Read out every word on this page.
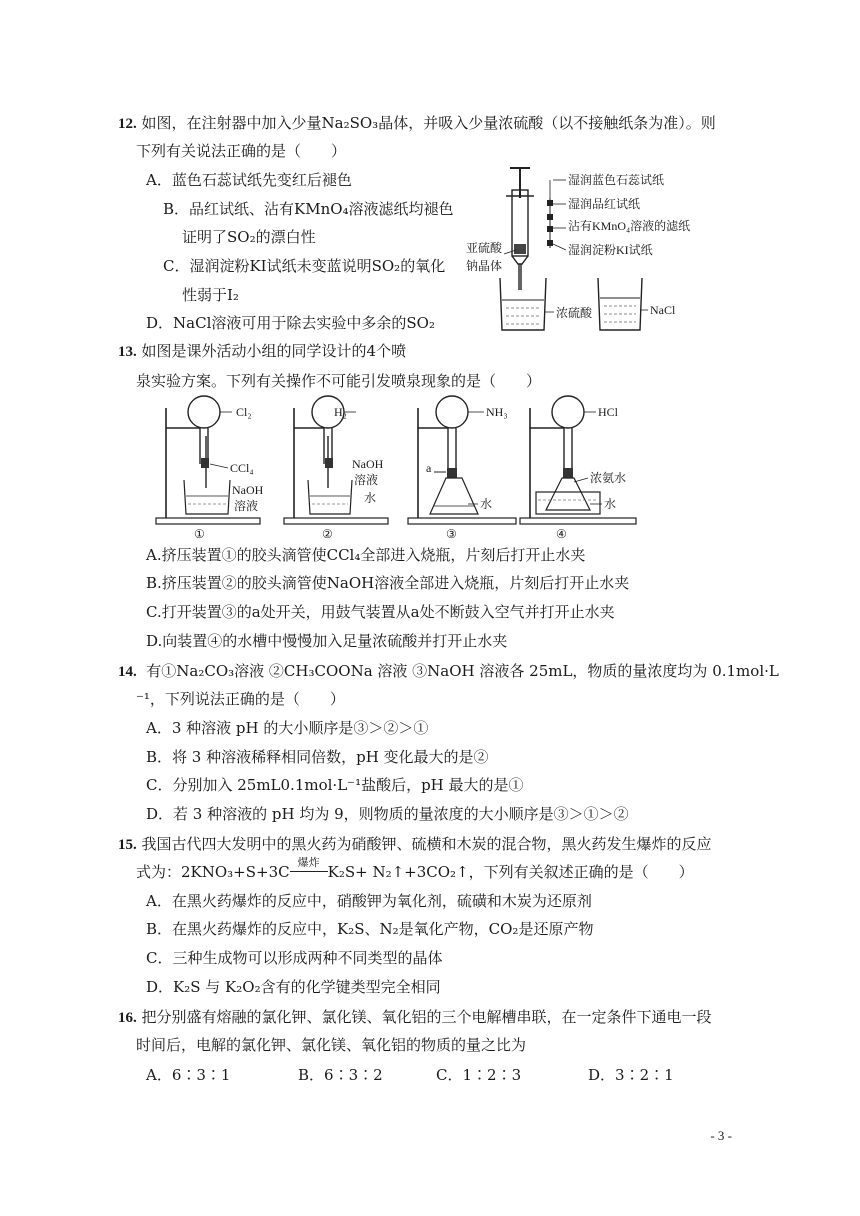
12. 如图，在注射器中加入少量Na₂SO₃晶体，并吸入少量浓硫酸（以不接触纸条为准）。则
下列有关说法正确的是（　　）
A．蓝色石蕊试纸先变红后褪色
B．品红试纸、沾有KMnO₄溶液滤纸均褪色
证明了SO₂的漂白性
C．湿润淀粉KI试纸未变蓝说明SO₂的氧化
性弱于I₂
D．NaCl溶液可用于除去实验中多余的SO₂
湿润蓝色石蕊试纸
湿润品红试纸
沾有KMnO₄溶液的滤纸
湿润淀粉KI试纸
亚硫酸
钠晶体
浓硫酸	NaCl
13. 如图是课外活动小组的同学设计的4个喷
泉实验方案。下列有关操作不可能引发喷泉现象的是（　　）
Cl₂
CCl₄
NaOH
溶液
①
H₂
NaOH
溶液
水
②
NH₃
a
水
③
HCl
浓氨水
水
④
A.挤压装置①的胶头滴管使CCl₄全部进入烧瓶，片刻后打开止水夹
B.挤压装置②的胶头滴管使NaOH溶液全部进入烧瓶，片刻后打开止水夹
C.打开装置③的a处开关，用鼓气装置从a处不断鼓入空气并打开止水夹
D.向装置④的水槽中慢慢加入足量浓硫酸并打开止水夹
14. 有①Na₂CO₃溶液 ②CH₃COONa 溶液 ③NaOH 溶液各 25mL，物质的量浓度均为 0.1mol·L
⁻¹，下列说法正确的是（　　）
A．3 种溶液 pH 的大小顺序是③＞②＞①
B．将 3 种溶液稀释相同倍数，pH 变化最大的是②
C．分别加入 25mL0.1mol·L⁻¹盐酸后，pH 最大的是①
D．若 3 种溶液的 pH 均为 9，则物质的量浓度的大小顺序是③＞①＞②
15. 我国古代四大发明中的黑火药为硝酸钾、硫横和木炭的混合物，黑火药发生爆炸的反应
式为：2KNO₃+S+3C
爆炸
K₂S+ N₂↑+3CO₂↑，下列有关叙述正确的是（　　）
A．在黑火药爆炸的反应中，硝酸钾为氧化剂，硫磺和木炭为还原剂
B．在黑火药爆炸的反应中，K₂S、N₂是氧化产物，CO₂是还原产物
C．三种生成物可以形成两种不同类型的晶体
D．K₂S 与 K₂O₂含有的化学键类型完全相同
16. 把分别盛有熔融的氯化钾、氯化镁、氧化铝的三个电解槽串联，在一定条件下通电一段
时间后，电解的氯化钾、氯化镁、氧化铝的物质的量之比为
A．6∶3∶1	B．6∶3∶2	C．1∶2∶3	D．3∶2∶1
- 3 -
